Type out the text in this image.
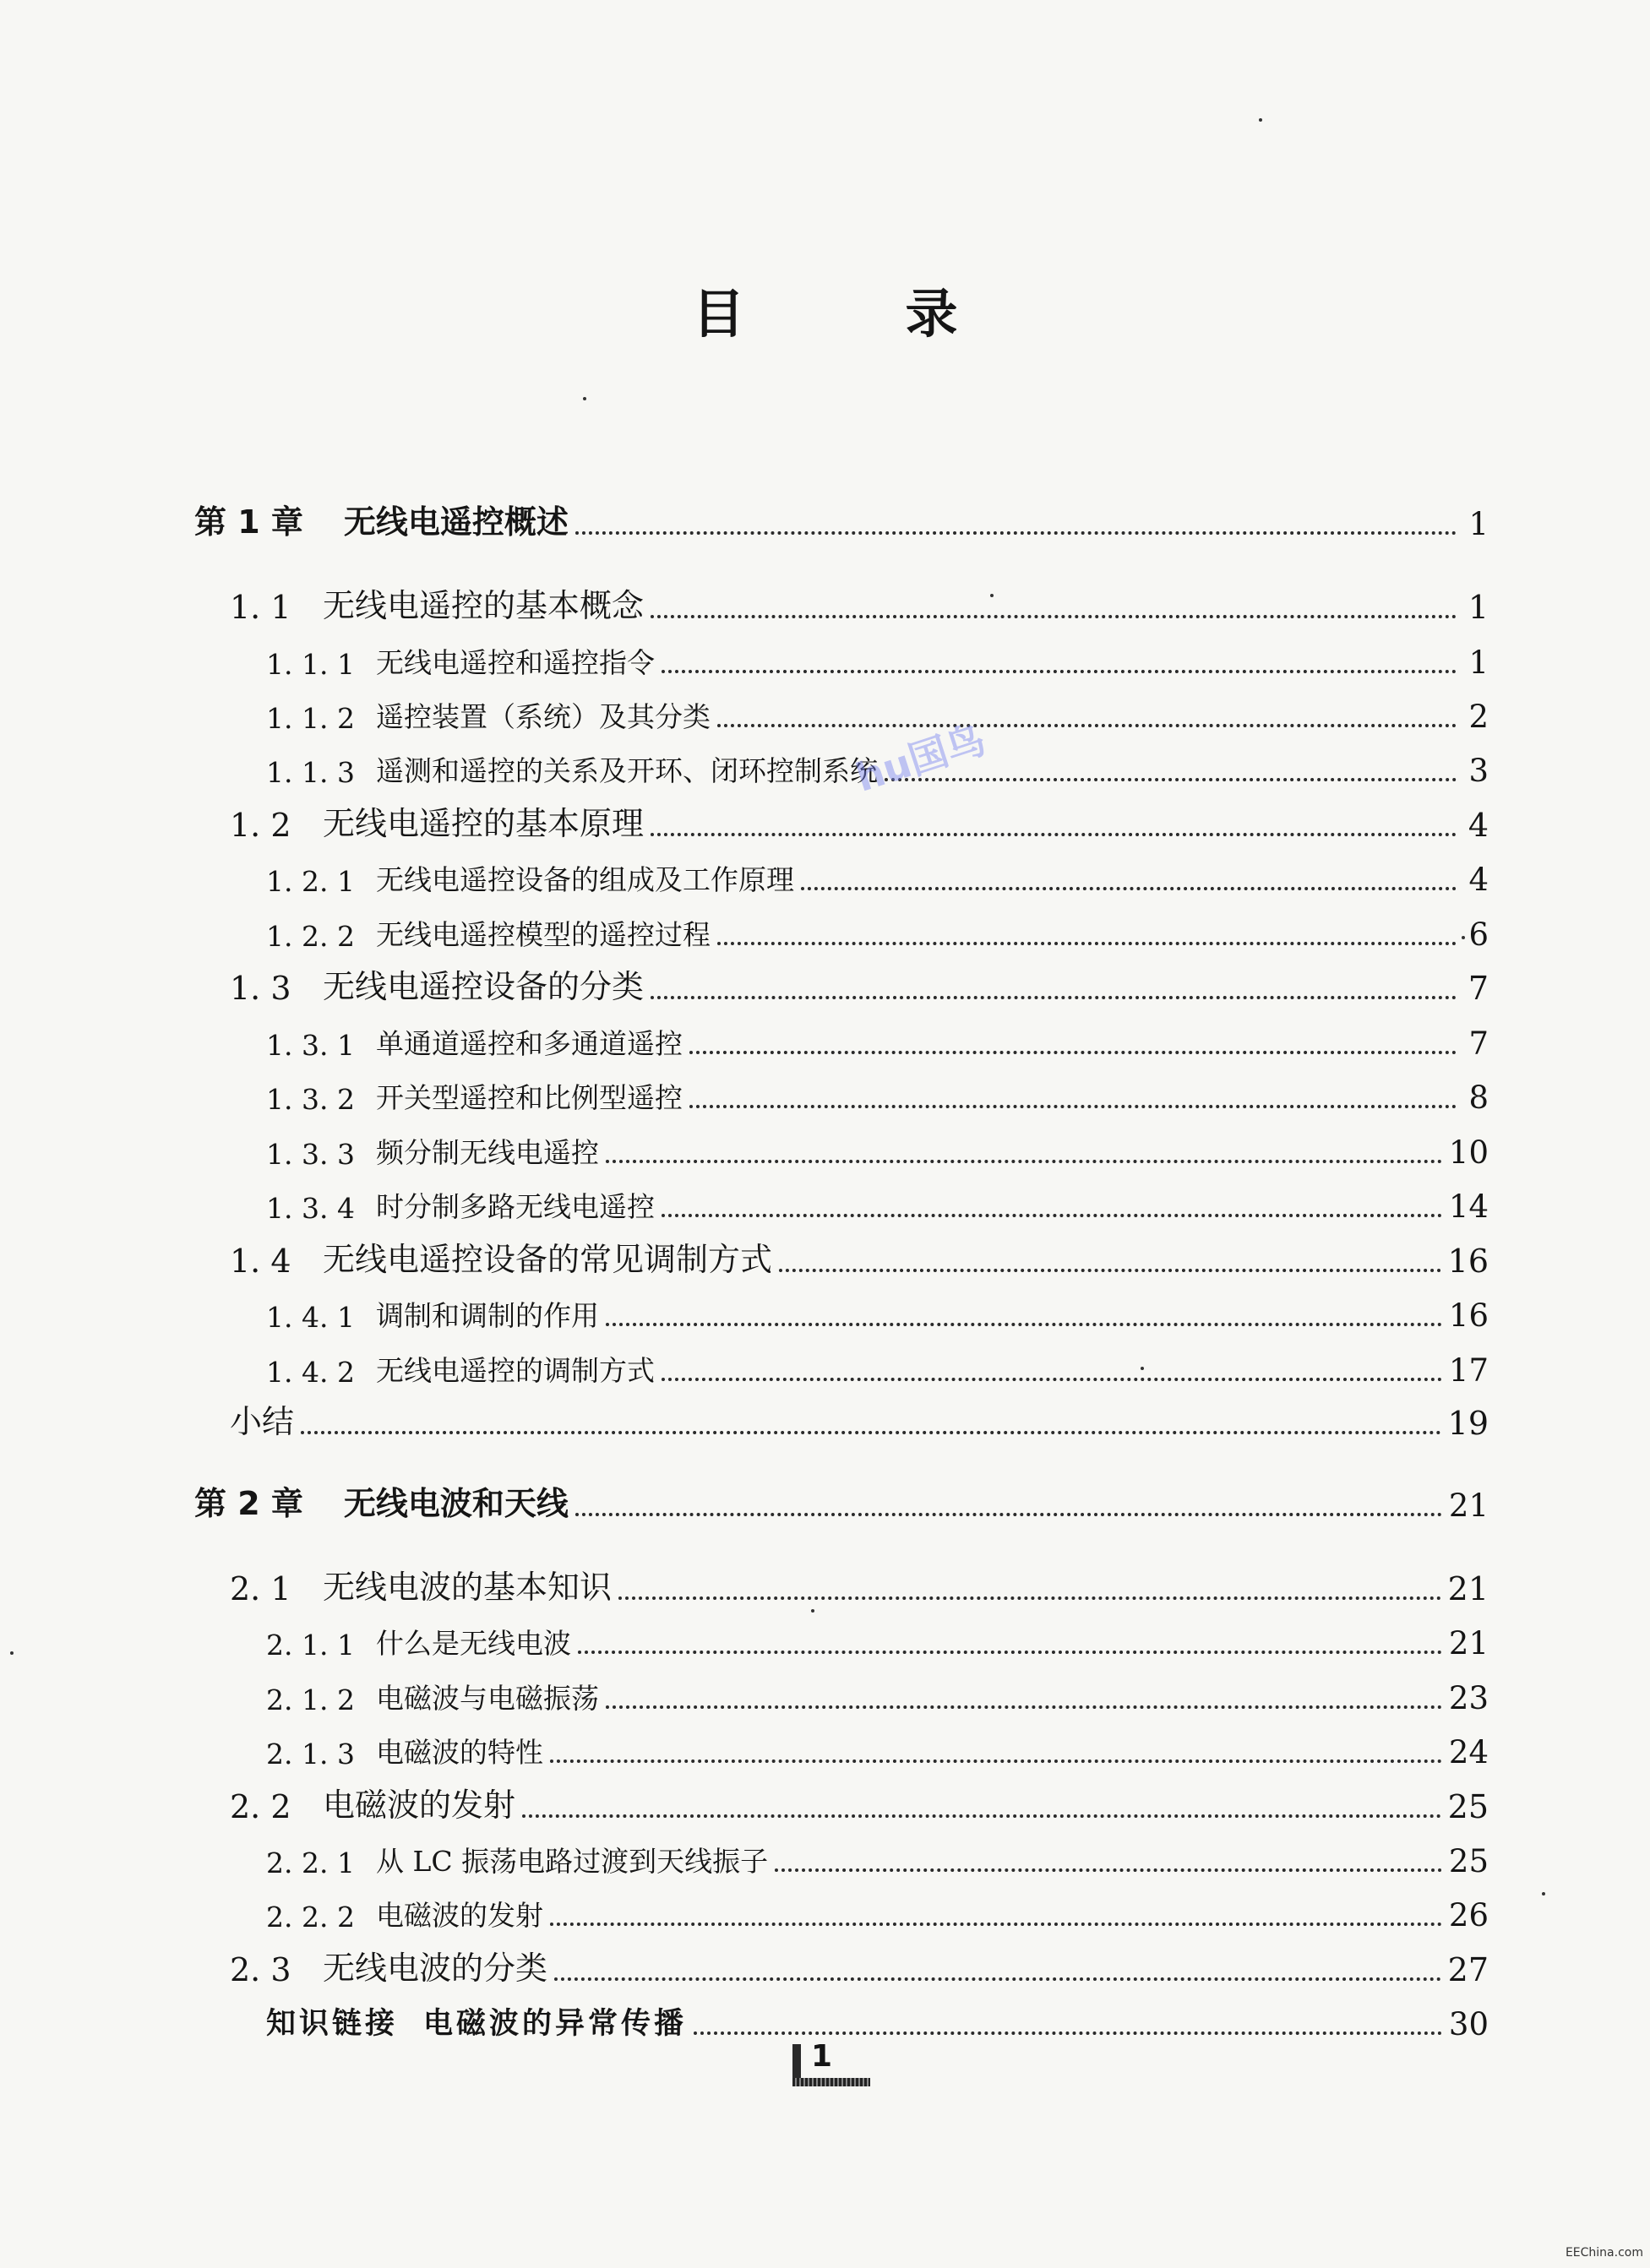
目	录
第 1 章 无线电遥控概述	1
1. 1 无线电遥控的基本概念	1
1. 1. 1 无线电遥控和遥控指令	1
1. 1. 2 遥控装置（系统）及其分类	2
1. 1. 3 遥测和遥控的关系及开环、闭环控制系统	3
1. 2 无线电遥控的基本原理	4
1. 2. 1 无线电遥控设备的组成及工作原理	4
1. 2. 2 无线电遥控模型的遥控过程	6
1. 3 无线电遥控设备的分类	7
1. 3. 1 单通道遥控和多通道遥控	7
1. 3. 2 开关型遥控和比例型遥控	8
1. 3. 3 频分制无线电遥控	10
1. 3. 4 时分制多路无线电遥控	14
1. 4 无线电遥控设备的常见调制方式	16
1. 4. 1 调制和调制的作用	16
1. 4. 2 无线电遥控的调制方式	17
小结	19
第 2 章 无线电波和天线	21
2. 1 无线电波的基本知识	21
2. 1. 1 什么是无线电波	21
2. 1. 2 电磁波与电磁振荡	23
2. 1. 3 电磁波的特性	24
2. 2 电磁波的发射	25
2. 2. 1 从 LC 振荡电路过渡到天线振子	25
2. 2. 2 电磁波的发射	26
2. 3 无线电波的分类	27
知识链接 电磁波的异常传播	30
hu国鸟
1
EEChina.com
